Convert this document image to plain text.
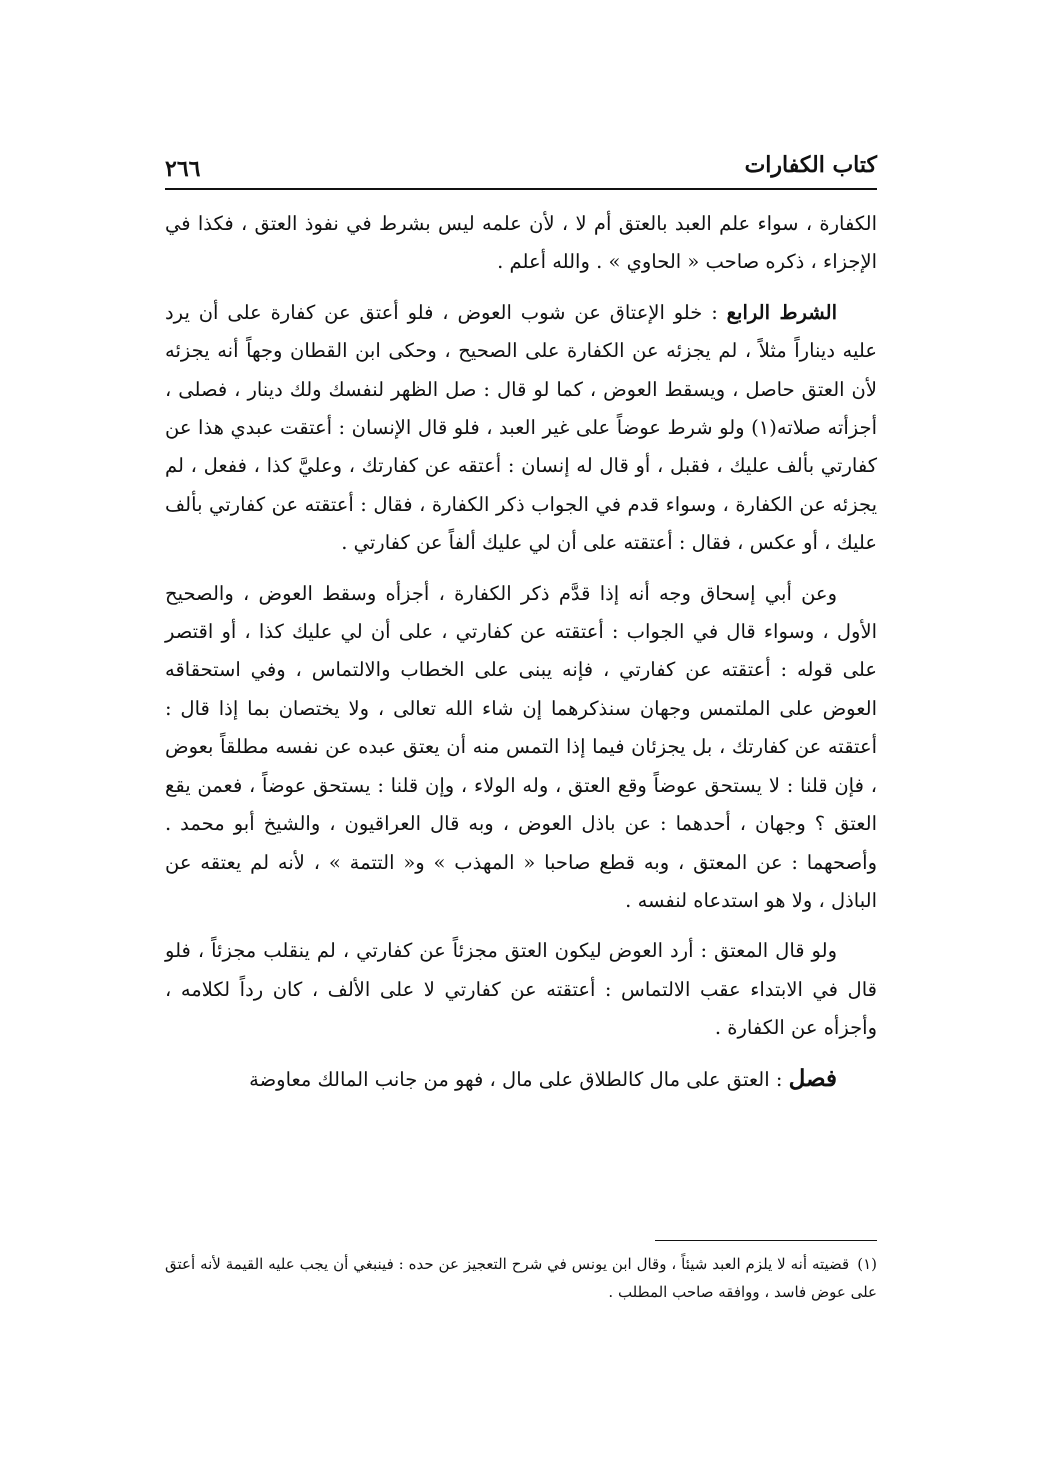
كتاب الكفارات
٢٦٦

الكفارة ، سواء علم العبد بالعتق أم لا ، لأن علمه ليس بشرط في نفوذ العتق ، فكذا في الإجزاء ، ذكره صاحب « الحاوي » . والله أعلم .

الشرط الرابع : خلو الإعتاق عن شوب العوض ، فلو أعتق عن كفارة على أن يرد عليه ديناراً مثلاً ، لم يجزئه عن الكفارة على الصحيح ، وحكى ابن القطان وجهاً أنه يجزئه لأن العتق حاصل ، ويسقط العوض ، كما لو قال : صل الظهر لنفسك ولك دينار ، فصلى ، أجزأته صلاته(١) ولو شرط عوضاً على غير العبد ، فلو قال الإنسان : أعتقت عبدي هذا عن كفارتي بألف عليك ، فقبل ، أو قال له إنسان : أعتقه عن كفارتك ، وعليَّ كذا ، ففعل ، لم يجزئه عن الكفارة ، وسواء قدم في الجواب ذكر الكفارة ، فقال : أعتقته عن كفارتي بألف عليك ، أو عكس ، فقال : أعتقته على أن لي عليك ألفاً عن كفارتي .

وعن أبي إسحاق وجه أنه إذا قدَّم ذكر الكفارة ، أجزأه وسقط العوض ، والصحيح الأول ، وسواء قال في الجواب : أعتقته عن كفارتي ، على أن لي عليك كذا ، أو اقتصر على قوله : أعتقته عن كفارتي ، فإنه يبنى على الخطاب والالتماس ، وفي استحقاقه العوض على الملتمس وجهان سنذكرهما إن شاء الله تعالى ، ولا يختصان بما إذا قال : أعتقته عن كفارتك ، بل يجزئان فيما إذا التمس منه أن يعتق عبده عن نفسه مطلقاً بعوض ، فإن قلنا : لا يستحق عوضاً وقع العتق ، وله الولاء ، وإن قلنا : يستحق عوضاً ، فعمن يقع العتق ؟ وجهان ، أحدهما : عن باذل العوض ، وبه قال العراقيون ، والشيخ أبو محمد . وأصحهما : عن المعتق ، وبه قطع صاحبا « المهذب » و« التتمة » ، لأنه لم يعتقه عن الباذل ، ولا هو استدعاه لنفسه .

ولو قال المعتق : أرد العوض ليكون العتق مجزئاً عن كفارتي ، لم ينقلب مجزئاً ، فلو قال في الابتداء عقب الالتماس : أعتقته عن كفارتي لا على الألف ، كان رداً لكلامه ، وأجزأه عن الكفارة .

فصل : العتق على مال كالطلاق على مال ، فهو من جانب المالك معاوضة

(١)قضيته أنه لا يلزم العبد شيئاً ، وقال ابن يونس في شرح التعجيز عن حده : فينبغي أن يجب عليه القيمة لأنه أعتق على عوض فاسد ، ووافقه صاحب المطلب .
